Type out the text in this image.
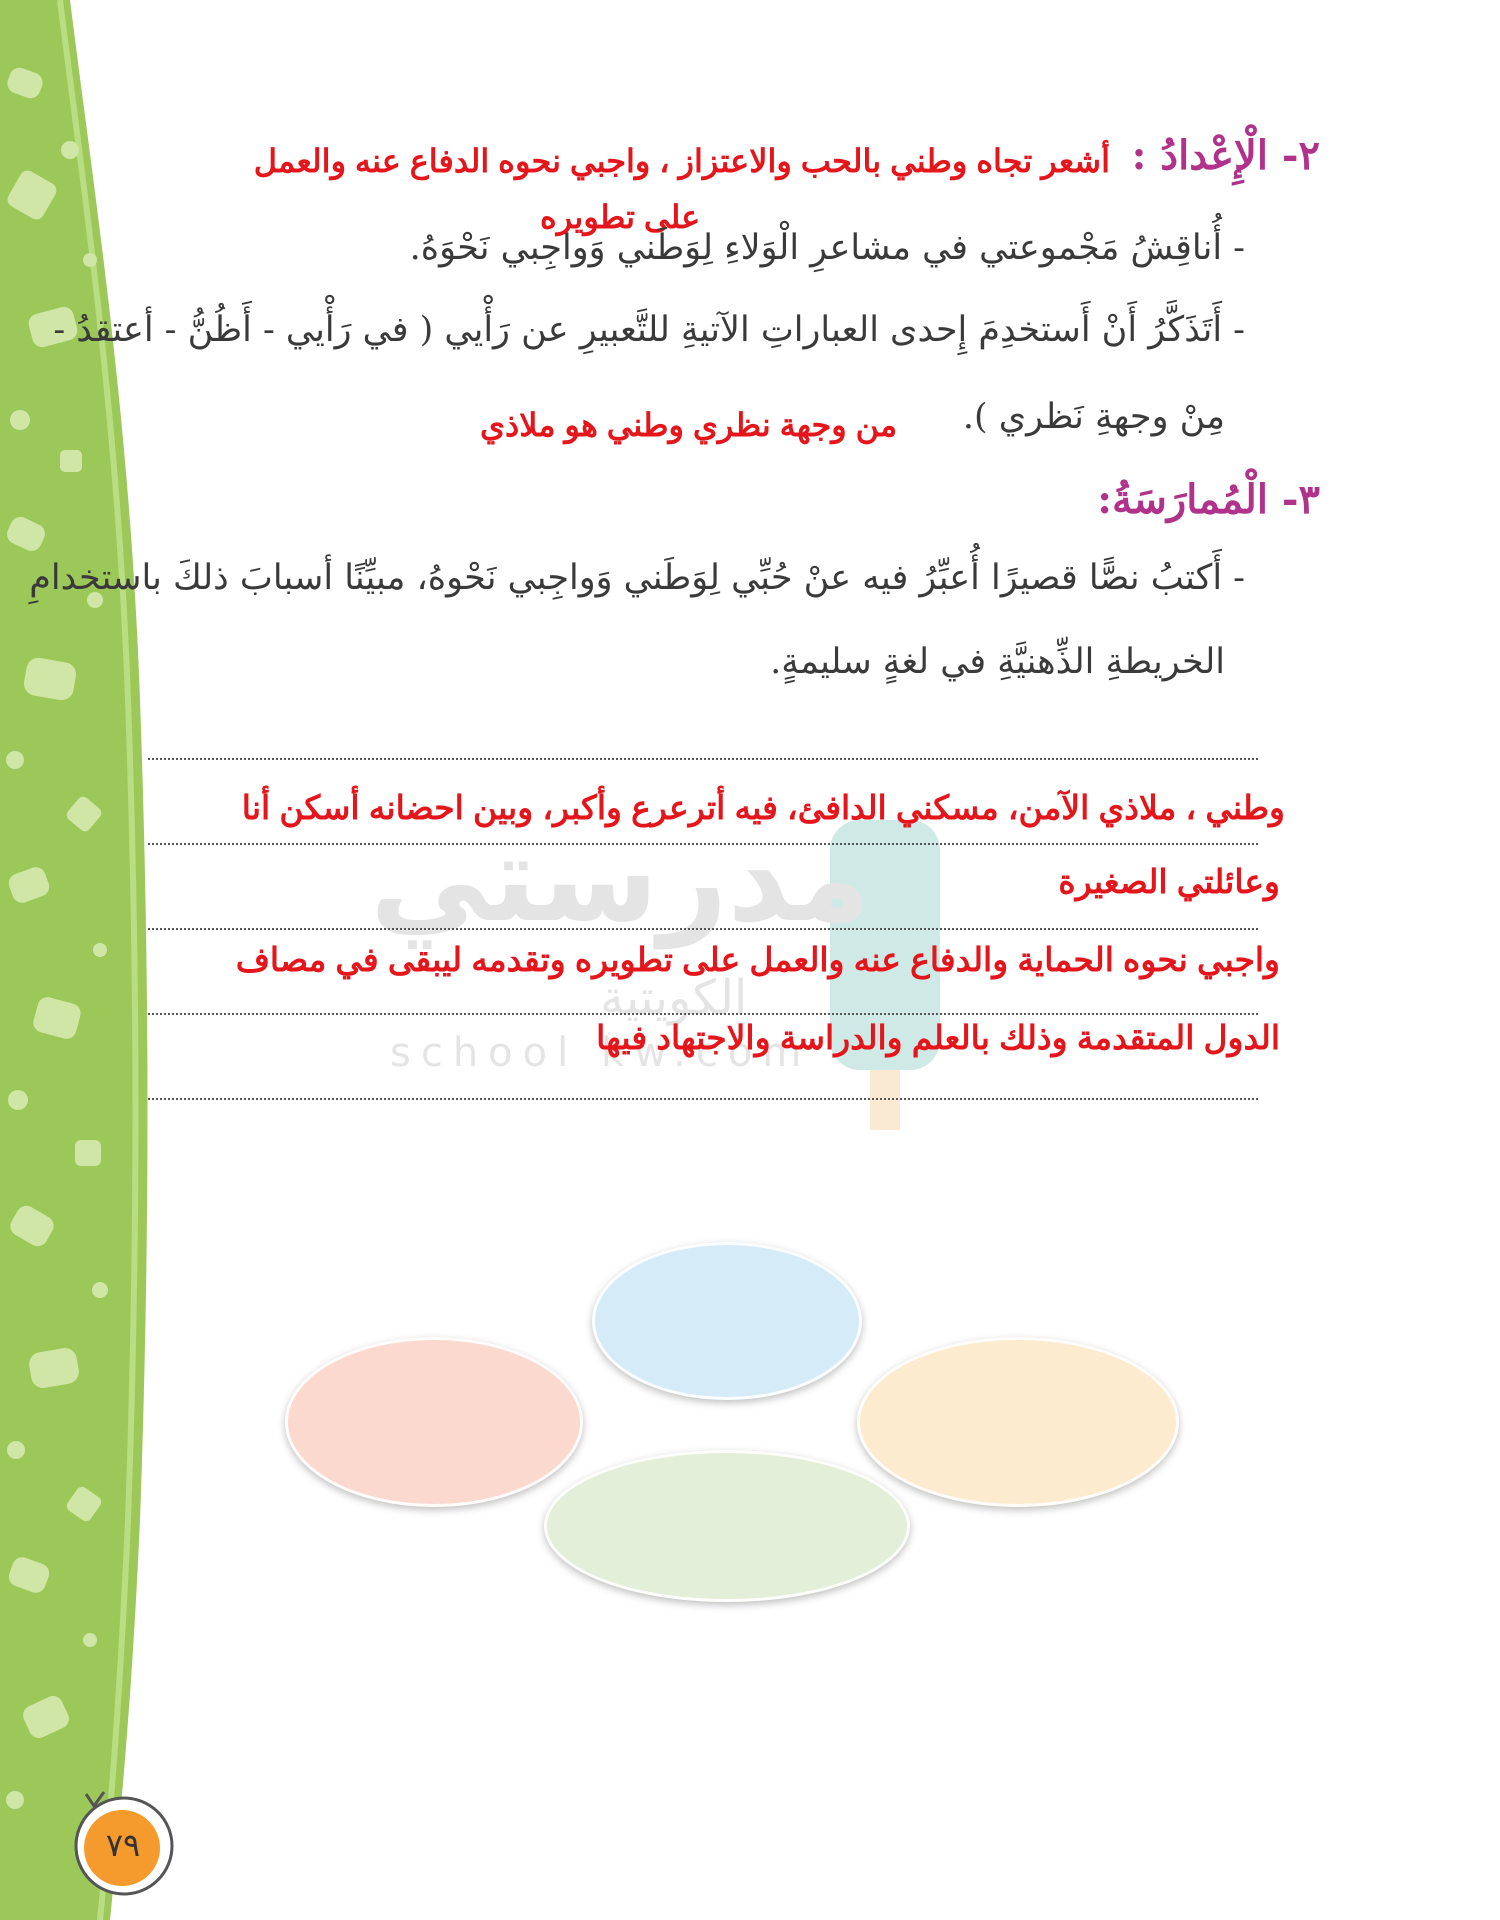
مدرستي
الكويتية
school kw.com
٢- الْإِعْدادُ :
أشعر تجاه وطني بالحب والاعتزاز ، واجبي نحوه الدفاع عنه والعمل
على تطويره
- أُناقِشُ مَجْموعتي في مشاعرِ الْوَلاءِ لِوَطَني وَواجِبي نَحْوَهُ.
- أَتَذَكَّرُ أَنْ أَستخدِمَ إِحدى العباراتِ الآتيةِ للتَّعبيرِ عن رَأْيي ( في رَأْيي - أَظُنُّ - أعتقدُ -
مِنْ وجهةِ نَظري ).
من وجهة نظري وطني هو ملاذي
٣- الْمُمارَسَةُ:
- أَكتبُ نصًّا قصيرًا أُعبِّرُ فيه عنْ حُبِّي لِوَطَني وَواجِبي نَحْوهُ، مبيِّنًا أسبابَ ذلكَ باستخدامِ
الخريطةِ الذِّهنيَّةِ في لغةٍ سليمةٍ.
وطني ، ملاذي الآمن، مسكني الدافئ، فيه أترعرع وأكبر، وبين احضانه أسكن أنا
وعائلتي الصغيرة
واجبي نحوه الحماية والدفاع عنه والعمل على تطويره وتقدمه ليبقى في مصاف
الدول المتقدمة وذلك بالعلم والدراسة والاجتهاد فيها
٧٩
